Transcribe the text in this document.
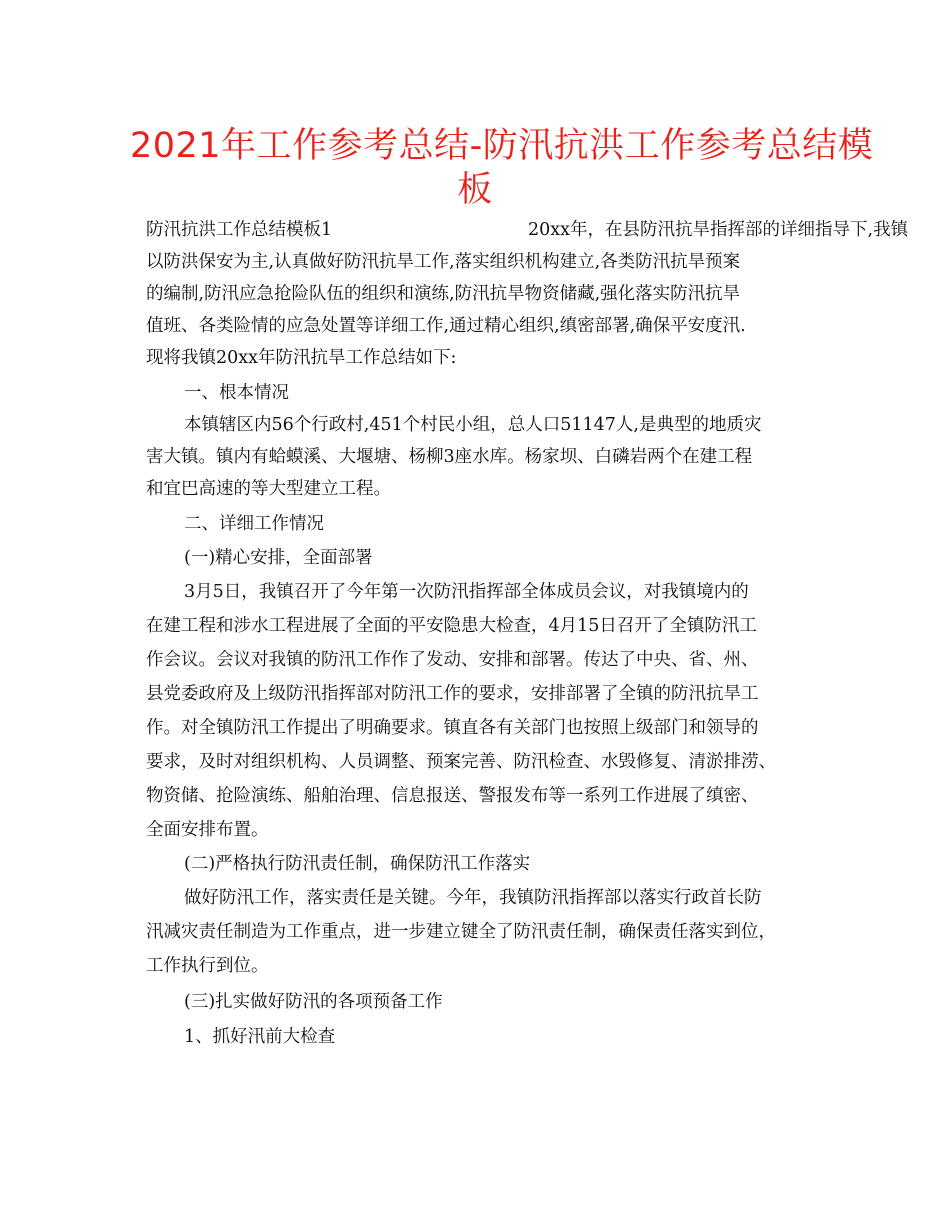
2021年工作参考总结-防汛抗洪工作参考总结模
板

防汛抗洪工作总结模板1	20xx年，在县防汛抗旱指挥部的详细指导下,我镇

以防洪保安为主,认真做好防汛抗旱工作,落实组织机构建立,各类防汛抗旱预案

的编制,防汛应急抢险队伍的组织和演练,防汛抗旱物资储藏,强化落实防汛抗旱

值班、各类险情的应急处置等详细工作,通过精心组织,缜密部署,确保平安度汛.

现将我镇20xx年防汛抗旱工作总结如下:

一、根本情况

本镇辖区内56个行政村,451个村民小组，总人口51147人,是典型的地质灾

害大镇。镇内有蛤蟆溪、大堰塘、杨柳3座水库。杨家坝、白磷岩两个在建工程

和宜巴高速的等大型建立工程。

二、详细工作情况

(一)精心安排，全面部署

3月5日，我镇召开了今年第一次防汛指挥部全体成员会议，对我镇境内的

在建工程和涉水工程进展了全面的平安隐患大检查，4月15日召开了全镇防汛工

作会议。会议对我镇的防汛工作作了发动、安排和部署。传达了中央、省、州、

县党委政府及上级防汛指挥部对防汛工作的要求，安排部署了全镇的防汛抗旱工

作。对全镇防汛工作提出了明确要求。镇直各有关部门也按照上级部门和领导的

要求，及时对组织机构、人员调整、预案完善、防汛检查、水毁修复、清淤排涝、

物资储、抢险演练、船舶治理、信息报送、警报发布等一系列工作进展了缜密、

全面安排布置。

(二)严格执行防汛责任制，确保防汛工作落实

做好防汛工作，落实责任是关键。今年，我镇防汛指挥部以落实行政首长防

汛减灾责任制造为工作重点，进一步建立键全了防汛责任制，确保责任落实到位，

工作执行到位。

(三)扎实做好防汛的各项预备工作

1、抓好汛前大检查
